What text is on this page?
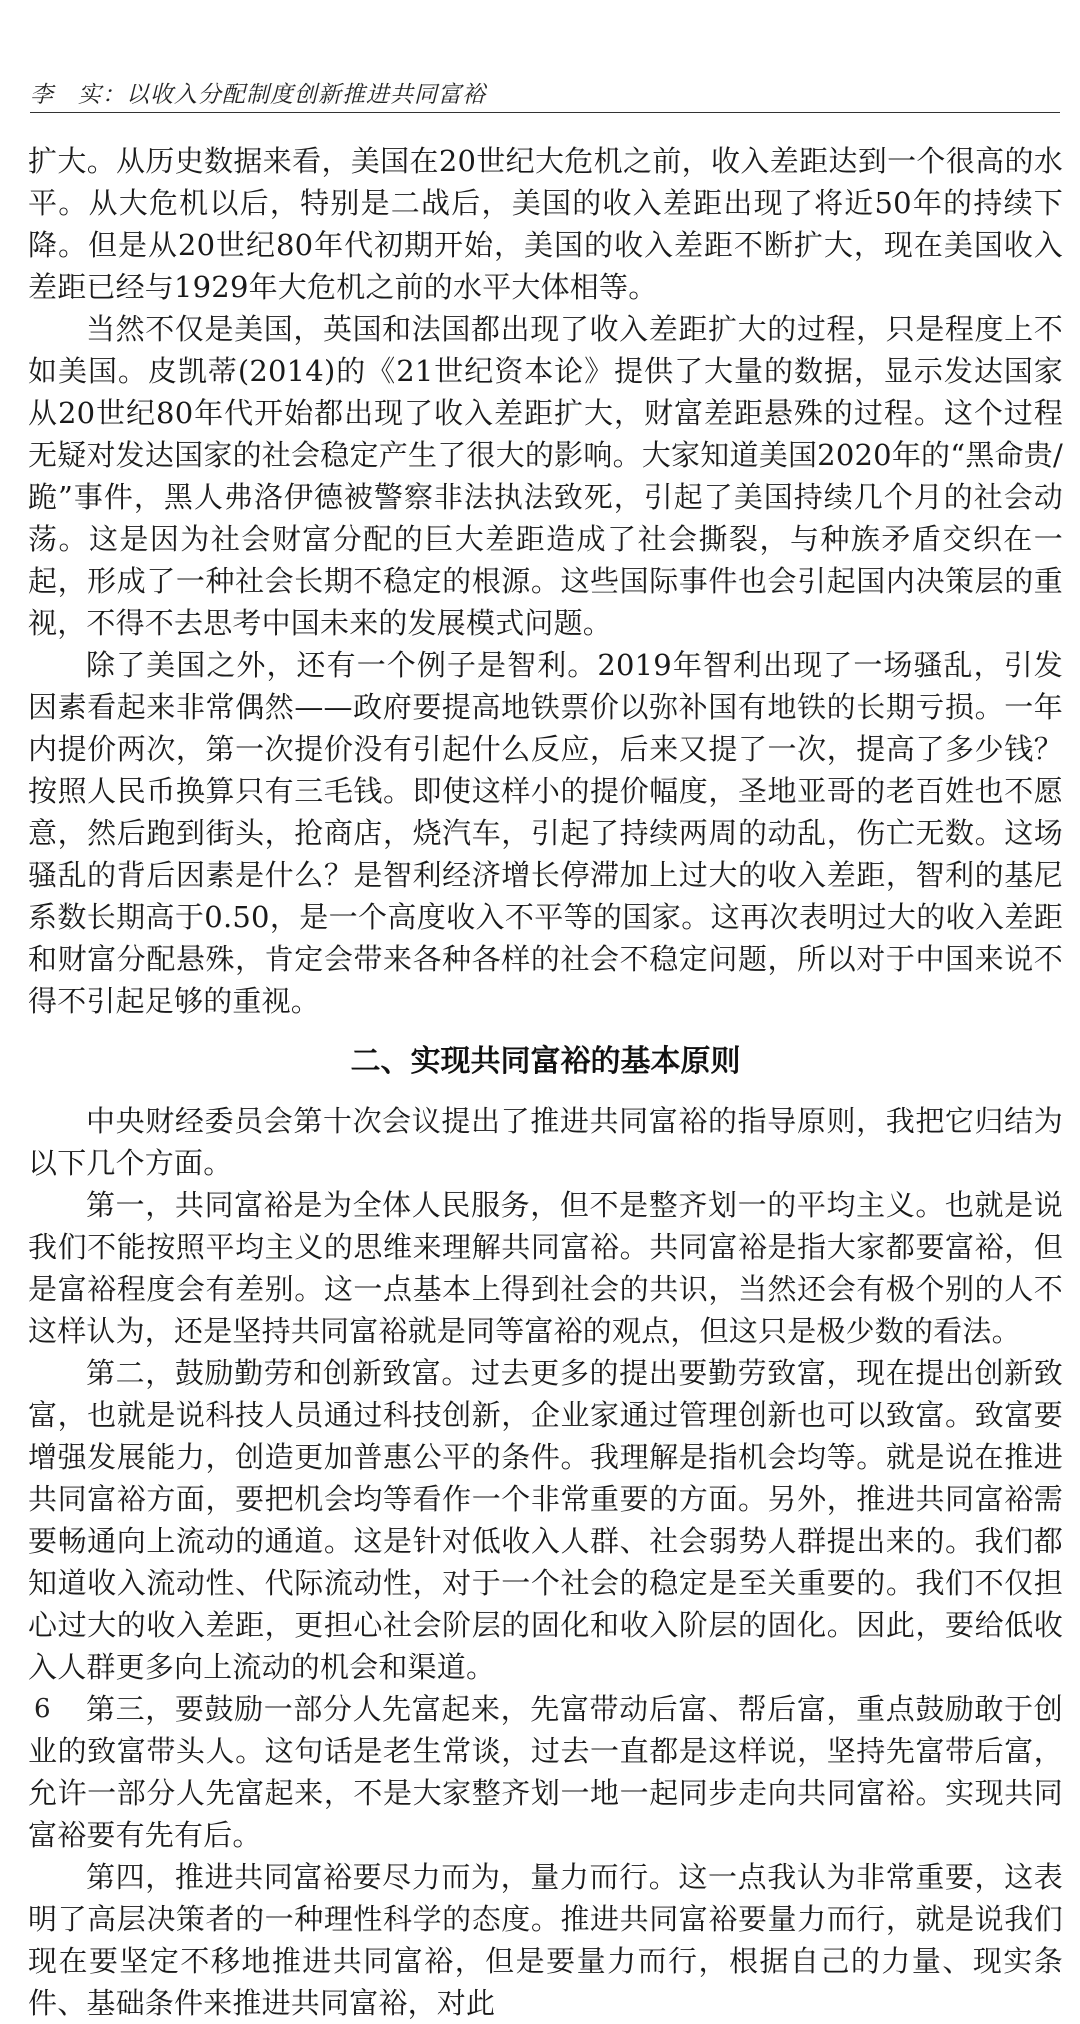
李　实：以收入分配制度创新推进共同富裕

扩大。从历史数据来看，美国在20世纪大危机之前，收入差距达到一个很高的水平。从大危机以后，特别是二战后，美国的收入差距出现了将近50年的持续下降。但是从20世纪80年代初期开始，美国的收入差距不断扩大，现在美国收入差距已经与1929年大危机之前的水平大体相等。

当然不仅是美国，英国和法国都出现了收入差距扩大的过程，只是程度上不如美国。皮凯蒂(2014)的《21世纪资本论》提供了大量的数据，显示发达国家从20世纪80年代开始都出现了收入差距扩大，财富差距悬殊的过程。这个过程无疑对发达国家的社会稳定产生了很大的影响。大家知道美国2020年的“黑命贵/跪”事件，黑人弗洛伊德被警察非法执法致死，引起了美国持续几个月的社会动荡。这是因为社会财富分配的巨大差距造成了社会撕裂，与种族矛盾交织在一起，形成了一种社会长期不稳定的根源。这些国际事件也会引起国内决策层的重视，不得不去思考中国未来的发展模式问题。

除了美国之外，还有一个例子是智利。2019年智利出现了一场骚乱，引发因素看起来非常偶然——政府要提高地铁票价以弥补国有地铁的长期亏损。一年内提价两次，第一次提价没有引起什么反应，后来又提了一次，提高了多少钱？按照人民币换算只有三毛钱。即使这样小的提价幅度，圣地亚哥的老百姓也不愿意，然后跑到街头，抢商店，烧汽车，引起了持续两周的动乱，伤亡无数。这场骚乱的背后因素是什么？是智利经济增长停滞加上过大的收入差距，智利的基尼系数长期高于0.50，是一个高度收入不平等的国家。这再次表明过大的收入差距和财富分配悬殊，肯定会带来各种各样的社会不稳定问题，所以对于中国来说不得不引起足够的重视。

二、实现共同富裕的基本原则

中央财经委员会第十次会议提出了推进共同富裕的指导原则，我把它归结为以下几个方面。

第一，共同富裕是为全体人民服务，但不是整齐划一的平均主义。也就是说我们不能按照平均主义的思维来理解共同富裕。共同富裕是指大家都要富裕，但是富裕程度会有差别。这一点基本上得到社会的共识，当然还会有极个别的人不这样认为，还是坚持共同富裕就是同等富裕的观点，但这只是极少数的看法。

第二，鼓励勤劳和创新致富。过去更多的提出要勤劳致富，现在提出创新致富，也就是说科技人员通过科技创新，企业家通过管理创新也可以致富。致富要增强发展能力，创造更加普惠公平的条件。我理解是指机会均等。就是说在推进共同富裕方面，要把机会均等看作一个非常重要的方面。另外，推进共同富裕需要畅通向上流动的通道。这是针对低收入人群、社会弱势人群提出来的。我们都知道收入流动性、代际流动性，对于一个社会的稳定是至关重要的。我们不仅担心过大的收入差距，更担心社会阶层的固化和收入阶层的固化。因此，要给低收入人群更多向上流动的机会和渠道。

第三，要鼓励一部分人先富起来，先富带动后富、帮后富，重点鼓励敢于创业的致富带头人。这句话是老生常谈，过去一直都是这样说，坚持先富带后富，允许一部分人先富起来，不是大家整齐划一地一起同步走向共同富裕。实现共同富裕要有先有后。

第四，推进共同富裕要尽力而为，量力而行。这一点我认为非常重要，这表明了高层决策者的一种理性科学的态度。推进共同富裕要量力而行，就是说我们现在要坚定不移地推进共同富裕，但是要量力而行，根据自己的力量、现实条件、基础条件来推进共同富裕，对此

6
